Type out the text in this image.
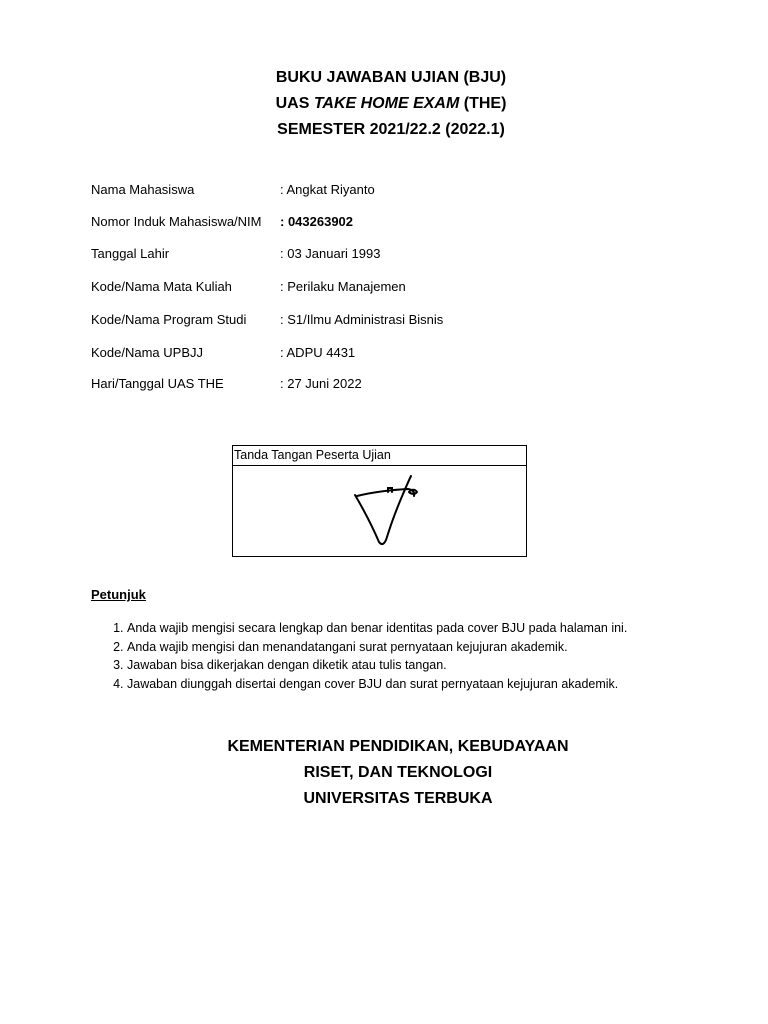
BUKU JAWABAN UJIAN (BJU)
UAS TAKE HOME EXAM (THE)
SEMESTER 2021/22.2 (2022.1)
Nama Mahasiswa	: Angkat Riyanto
Nomor Induk Mahasiswa/NIM : 043263902
Tanggal Lahir	: 03 Januari 1993
Kode/Nama Mata Kuliah	: Perilaku Manajemen
Kode/Nama Program Studi	: S1/Ilmu Administrasi Bisnis
Kode/Nama UPBJJ	: ADPU 4431
Hari/Tanggal UAS THE	: 27 Juni 2022
Tanda Tangan Peserta Ujian
Petunjuk
1. Anda wajib mengisi secara lengkap dan benar identitas pada cover BJU pada halaman ini.
2. Anda wajib mengisi dan menandatangani surat pernyataan kejujuran akademik.
3. Jawaban bisa dikerjakan dengan diketik atau tulis tangan.
4. Jawaban diunggah disertai dengan cover BJU dan surat pernyataan kejujuran akademik.
KEMENTERIAN PENDIDIKAN, KEBUDAYAAN
RISET, DAN TEKNOLOGI
UNIVERSITAS TERBUKA
